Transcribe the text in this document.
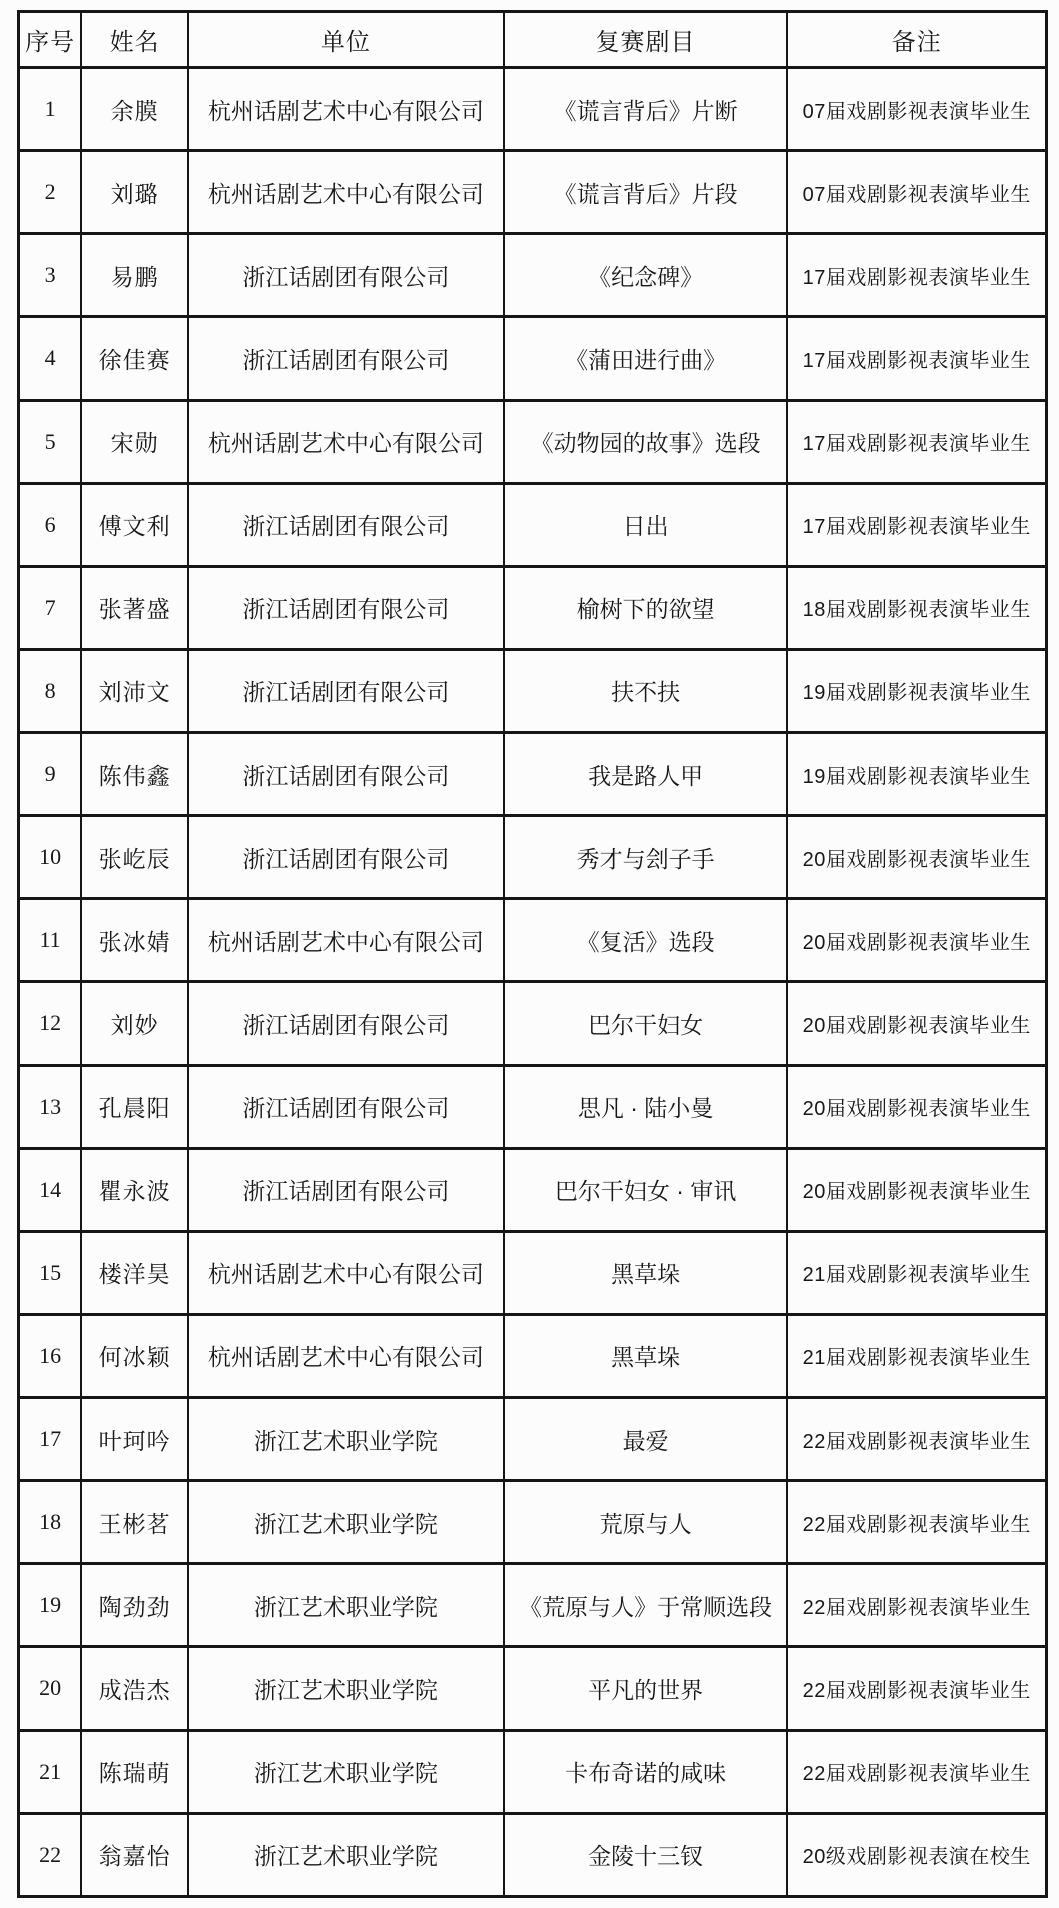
序号	姓名	单位	复赛剧目	备注
1	余膜	杭州话剧艺术中心有限公司	《谎言背后》片断	07届戏剧影视表演毕业生
2	刘璐	杭州话剧艺术中心有限公司	《谎言背后》片段	07届戏剧影视表演毕业生
3	易鹏	浙江话剧团有限公司	《纪念碑》	17届戏剧影视表演毕业生
4	徐佳赛	浙江话剧团有限公司	《蒲田进行曲》	17届戏剧影视表演毕业生
5	宋勋	杭州话剧艺术中心有限公司	《动物园的故事》选段	17届戏剧影视表演毕业生
6	傅文利	浙江话剧团有限公司	日出	17届戏剧影视表演毕业生
7	张著盛	浙江话剧团有限公司	榆树下的欲望	18届戏剧影视表演毕业生
8	刘沛文	浙江话剧团有限公司	扶不扶	19届戏剧影视表演毕业生
9	陈伟鑫	浙江话剧团有限公司	我是路人甲	19届戏剧影视表演毕业生
10	张屹辰	浙江话剧团有限公司	秀才与刽子手	20届戏剧影视表演毕业生
11	张冰婧	杭州话剧艺术中心有限公司	《复活》选段	20届戏剧影视表演毕业生
12	刘妙	浙江话剧团有限公司	巴尔干妇女	20届戏剧影视表演毕业生
13	孔晨阳	浙江话剧团有限公司	思凡 · 陆小曼	20届戏剧影视表演毕业生
14	瞿永波	浙江话剧团有限公司	巴尔干妇女 · 审讯	20届戏剧影视表演毕业生
15	楼洋昊	杭州话剧艺术中心有限公司	黑草垛	21届戏剧影视表演毕业生
16	何冰颖	杭州话剧艺术中心有限公司	黑草垛	21届戏剧影视表演毕业生
17	叶珂吟	浙江艺术职业学院	最爱	22届戏剧影视表演毕业生
18	王彬茗	浙江艺术职业学院	荒原与人	22届戏剧影视表演毕业生
19	陶劲劲	浙江艺术职业学院	《荒原与人》于常顺选段	22届戏剧影视表演毕业生
20	成浩杰	浙江艺术职业学院	平凡的世界	22届戏剧影视表演毕业生
21	陈瑞萌	浙江艺术职业学院	卡布奇诺的咸味	22届戏剧影视表演毕业生
22	翁嘉怡	浙江艺术职业学院	金陵十三钗	20级戏剧影视表演在校生
